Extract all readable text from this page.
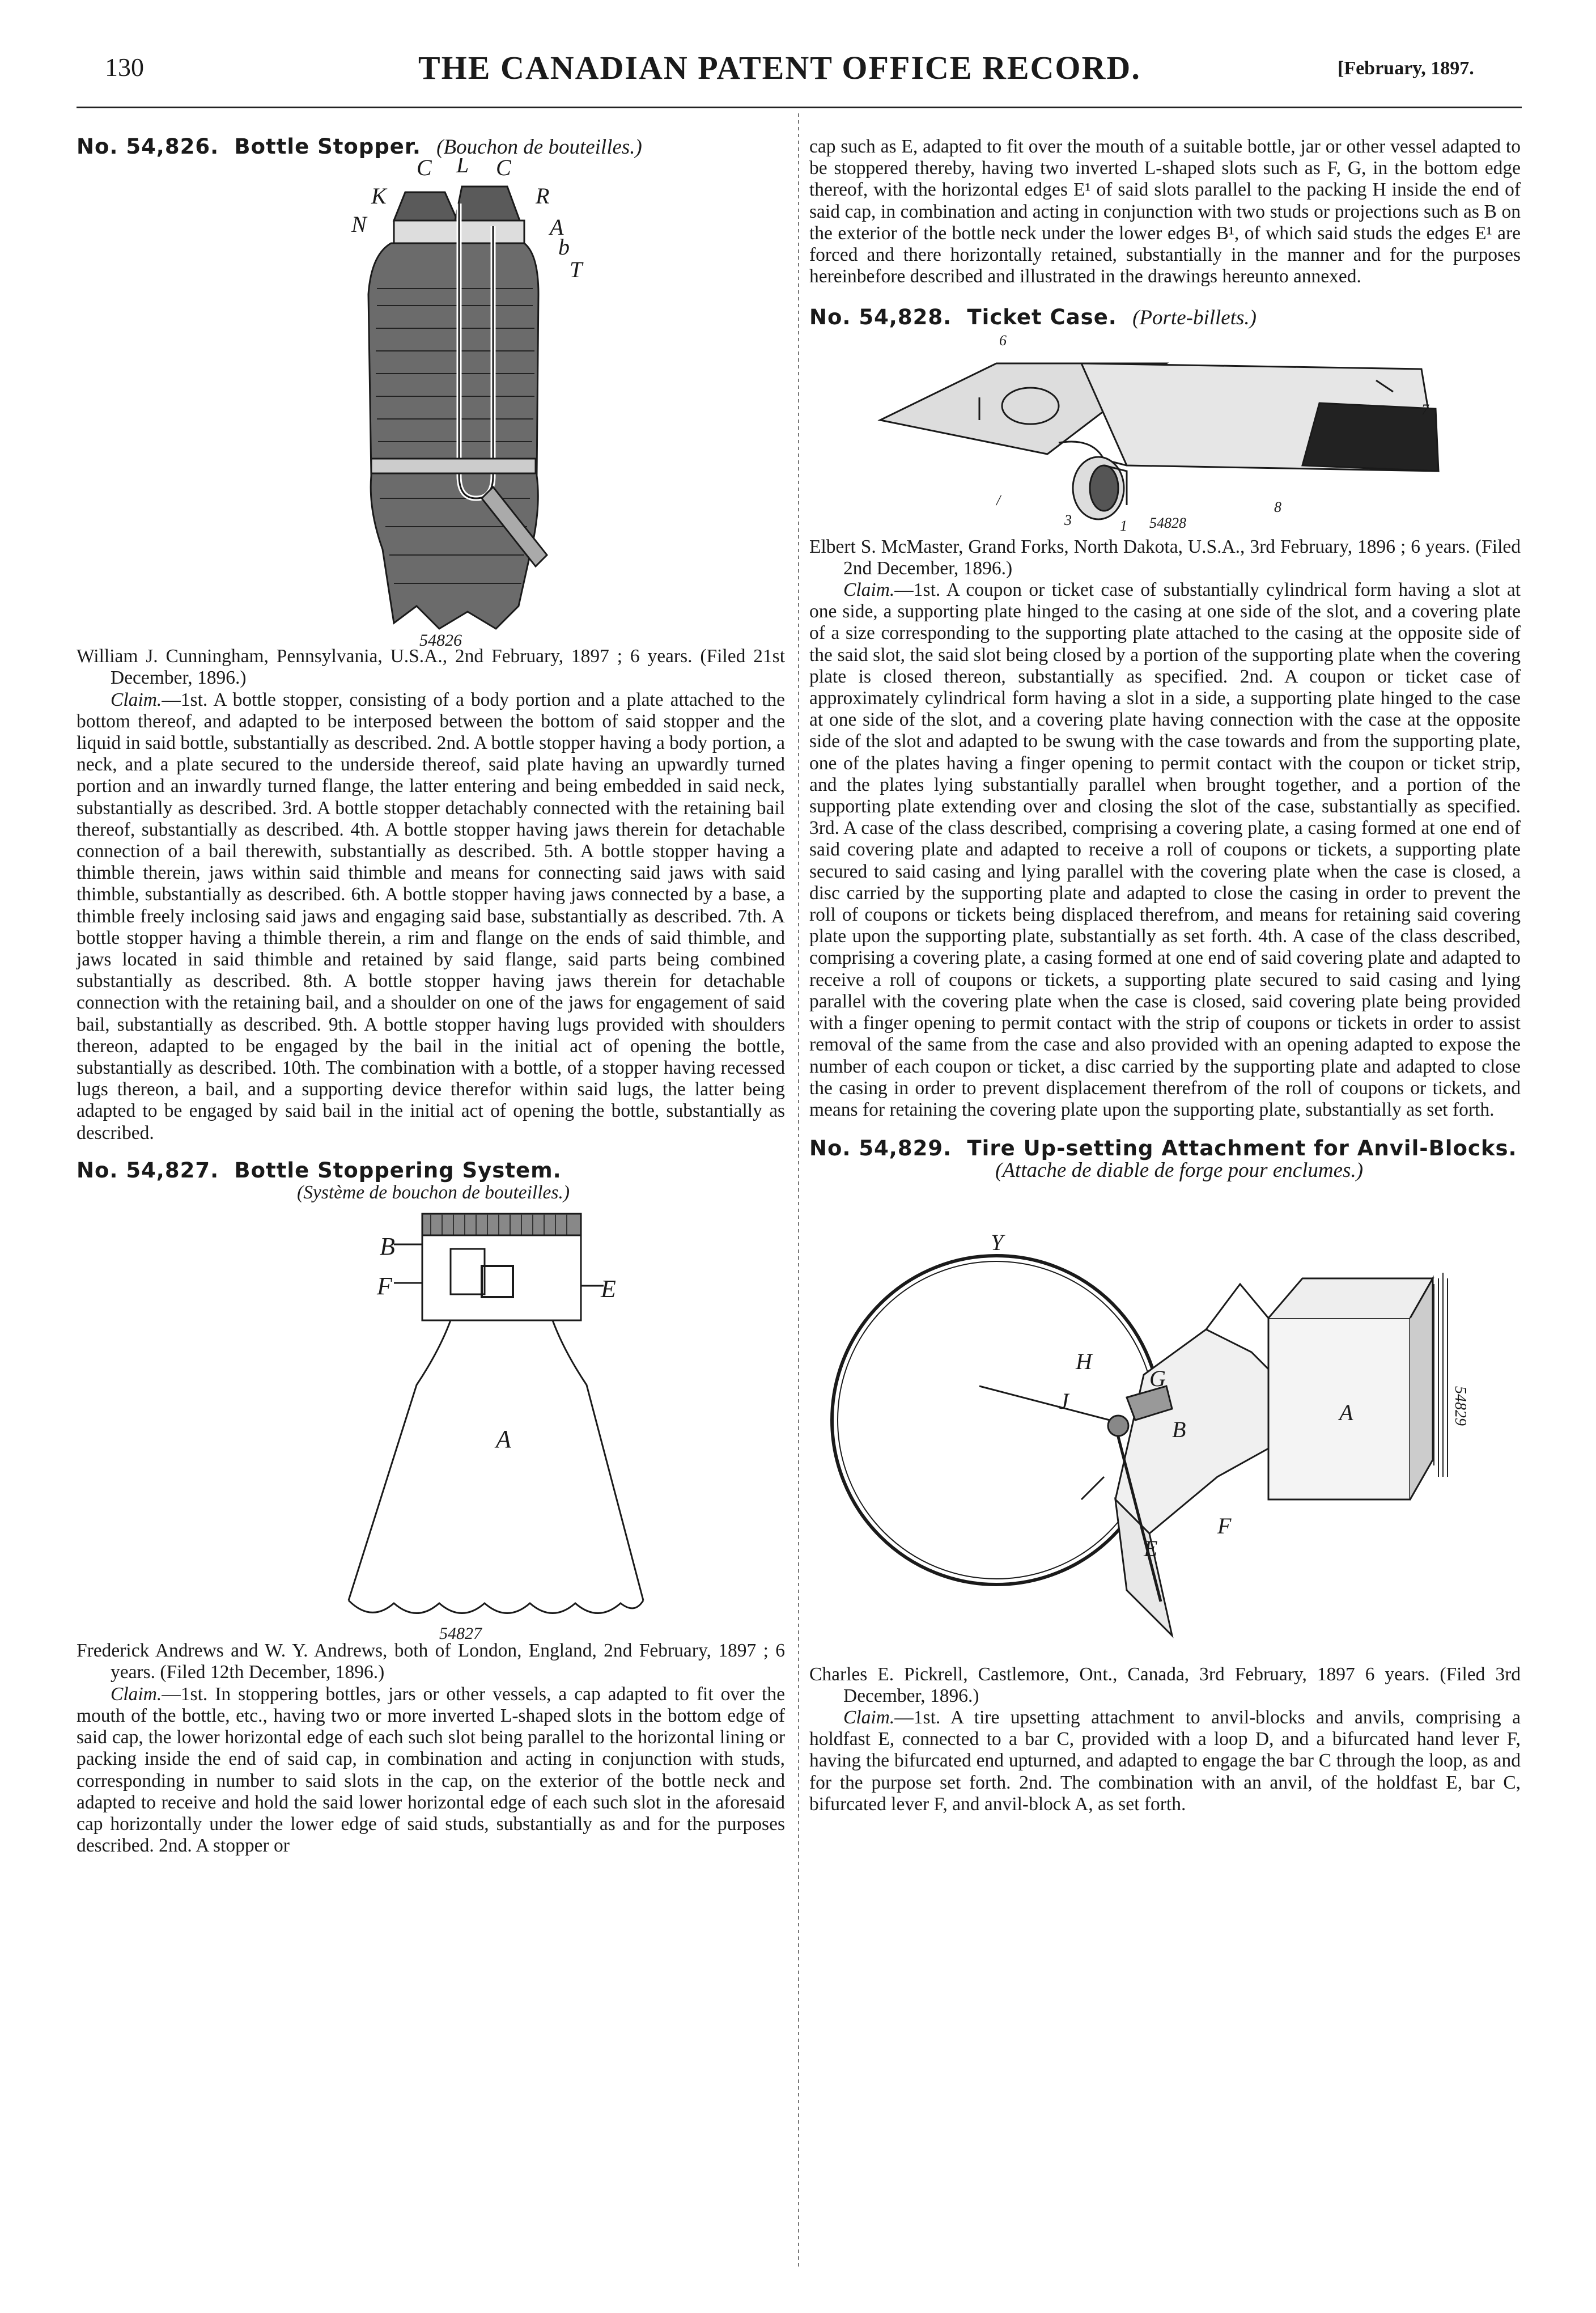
130	THE CANADIAN PATENT OFFICE RECORD.	[February, 1897.

No. 54,826. Bottle Stopper. (Bouchon de bouteilles.)

C L C
K	R
N	A
b
T
54826

William J. Cunningham, Pennsylvania, U.S.A., 2nd February, 1897 ; 6 years. (Filed 21st December, 1896.)

Claim.—1st. A bottle stopper, consisting of a body portion and a plate attached to the bottom thereof, and adapted to be interposed between the bottom of said stopper and the liquid in said bottle, substantially as described. 2nd. A bottle stopper having a body portion, a neck, and a plate secured to the underside thereof, said plate having an upwardly turned portion and an inwardly turned flange, the latter entering and being embedded in said neck, substantially as described. 3rd. A bottle stopper detachably connected with the retaining bail thereof, substantially as described. 4th. A bottle stopper having jaws therein for detachable connection of a bail therewith, substantially as described. 5th. A bottle stopper having a thimble therein, jaws within said thimble and means for connecting said jaws with said thimble, substantially as described. 6th. A bottle stopper having jaws connected by a base, a thimble freely inclosing said jaws and engaging said base, substantially as described. 7th. A bottle stopper having a thimble therein, a rim and flange on the ends of said thimble, and jaws located in said thimble and retained by said flange, said parts being combined substantially as described. 8th. A bottle stopper having jaws therein for detachable connection with the retaining bail, and a shoulder on one of the jaws for engagement of said bail, substantially as described. 9th. A bottle stopper having lugs provided with shoulders thereon, adapted to be engaged by the bail in the initial act of opening the bottle, substantially as described. 10th. The combination with a bottle, of a stopper having recessed lugs thereon, a bail, and a supporting device therefor within said lugs, the latter being adapted to be engaged by said bail in the initial act of opening the bottle, substantially as described.

No. 54,827. Bottle Stoppering System.

(Système de bouchon de bouteilles.)

B
F	E
A
54827

Frederick Andrews and W. Y. Andrews, both of London, England, 2nd February, 1897 ; 6 years. (Filed 12th December, 1896.)

Claim.—1st. In stoppering bottles, jars or other vessels, a cap adapted to fit over the mouth of the bottle, etc., having two or more inverted L-shaped slots in the bottom edge of said cap, the lower horizontal edge of each such slot being parallel to the horizontal lining or packing inside the end of said cap, in combination and acting in conjunction with studs, corresponding in number to said slots in the cap, on the exterior of the bottle neck and adapted to receive and hold the said lower horizontal edge of each such slot in the aforesaid cap horizontally under the lower edge of said studs, substantially as and for the purposes described. 2nd. A stopper or

cap such as E, adapted to fit over the mouth of a suitable bottle, jar or other vessel adapted to be stoppered thereby, having two inverted L-shaped slots such as F, G, in the bottom edge thereof, with the horizontal edges E¹ of said slots parallel to the packing H inside the end of said cap, in combination and acting in conjunction with two studs or projections such as B on the exterior of the bottle neck under the lower edges B¹, of which said studs the edges E¹ are forced and there horizontally retained, substantially in the manner and for the purposes hereinbefore described and illustrated in the drawings hereunto annexed.

No. 54,828. Ticket Case. (Porte-billets.)

6
7
3	1
8
/
54828

Elbert S. McMaster, Grand Forks, North Dakota, U.S.A., 3rd February, 1896 ; 6 years. (Filed 2nd December, 1896.)

Claim.—1st. A coupon or ticket case of substantially cylindrical form having a slot at one side, a supporting plate hinged to the casing at one side of the slot, and a covering plate of a size corresponding to the supporting plate attached to the casing at the opposite side of the said slot, the said slot being closed by a portion of the supporting plate when the covering plate is closed thereon, substantially as specified. 2nd. A coupon or ticket case of approximately cylindrical form having a slot in a side, a supporting plate hinged to the case at one side of the slot, and a covering plate having connection with the case at the opposite side of the slot and adapted to be swung with the case towards and from the supporting plate, one of the plates having a finger opening to permit contact with the coupon or ticket strip, and the plates lying substantially parallel when brought together, and a portion of the supporting plate extending over and closing the slot of the case, substantially as specified. 3rd. A case of the class described, comprising a covering plate, a casing formed at one end of said covering plate and adapted to receive a roll of coupons or tickets, a supporting plate secured to said casing and lying parallel with the covering plate when the case is closed, a disc carried by the supporting plate and adapted to close the casing in order to prevent the roll of coupons or tickets being displaced therefrom, and means for retaining said covering plate upon the supporting plate, substantially as set forth. 4th. A case of the class described, comprising a covering plate, a casing formed at one end of said covering plate and adapted to receive a roll of coupons or tickets, a supporting plate secured to said casing and lying parallel with the covering plate when the case is closed, said covering plate being provided with a finger opening to permit contact with the strip of coupons or tickets in order to assist removal of the same from the case and also provided with an opening adapted to expose the number of each coupon or ticket, a disc carried by the supporting plate and adapted to close the casing in order to prevent displacement therefrom of the roll of coupons or tickets, and means for retaining the covering plate upon the supporting plate, substantially as set forth.

No. 54,829. Tire Up-setting Attachment for Anvil-Blocks. (Attache de diable de forge pour enclumes.)

A
B
G
H
J
E
F
Y
54829

Charles E. Pickrell, Castlemore, Ont., Canada, 3rd February, 1897 6 years. (Filed 3rd December, 1896.)

Claim.—1st. A tire upsetting attachment to anvil-blocks and anvils, comprising a holdfast E, connected to a bar C, provided with a loop D, and a bifurcated hand lever F, having the bifurcated end upturned, and adapted to engage the bar C through the loop, as and for the purpose set forth. 2nd. The combination with an anvil, of the holdfast E, bar C, bifurcated lever F, and anvil-block A, as set forth.
